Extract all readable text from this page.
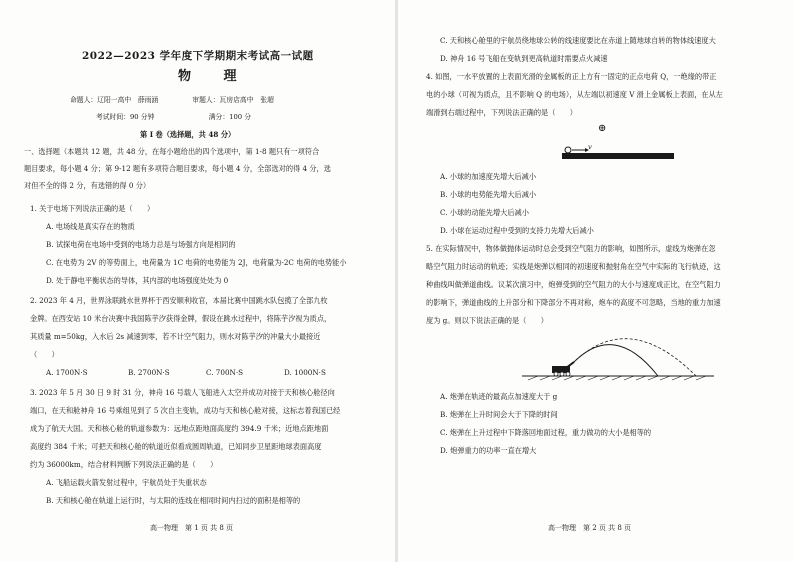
2022—2023 学年度下学期期末考试高一试题
物 理
命题人：辽阳一高中　薛雨涵　　　　　审题人：瓦房店高中　张超
考试时间：90 分钟　　　　　　　　满分：100 分
第 I 卷（选择题，共 48 分）
一、选择题（本题共 12 题，共 48 分，在每小题给出的四个选项中，第 1-8 题只有一项符合
题目要求，每小题 4 分；第 9-12 题有多项符合题目要求，每小题 4 分，全部选对的得 4 分，选
对但不全的得 2 分，有选错的得 0 分）
1. 关于电场下列说法正确的是（　　）
A. 电场线是真实存在的物质
B. 试探电荷在电场中受到的电场力总是与场强方向是相同的
C. 在电势为 2V 的等势面上，电荷量为 1C 电荷的电势能为 2J，电荷量为-2C 电荷的电势能小
D. 处于静电平衡状态的导体，其内部的电场强度处处为 0
2. 2023 年 4 月，世界泳联跳水世界杯于西安顺利收官，本届比赛中国跳水队包揽了全部九枚
金牌。在西安站 10 米台决赛中我国陈芋汐获得金牌，假设在跳水过程中，将陈芋汐视为质点，
其质量 m=50kg，入水后 2s 减速到零，若不计空气阻力，则水对陈芋汐的冲量大小最接近
（　　）
A. 1700N·S	B. 2700N·S	C. 700N·S	D. 1000N·S
3. 2023 年 5 月 30 日 9 时 31 分，神舟 16 号载人飞船进入太空并成功对接于天和核心舱径向
端口，在天和舱神舟 16 号乘组见到了 5 次自主变轨，成功与天和核心舱对接，这标志着我国已经
成为了航天大国。天和核心舱的轨道参数为：远地点距地面高度约 394.9 千米；近地点距地面
高度约 384 千米；可把天和核心舱的轨道近似看成圆周轨道，已知同步卫星距地球表面高度
约为 36000km，结合材料判断下列说法正确的是（　　）
A. 飞船运载火箭发射过程中，宇航员处于失重状态
B. 天和核心舱在轨道上运行时，与太阳的连线在相同时间内扫过的面积是相等的
高一物理　第 1 页 共 8 页
C. 天和核心舱里的宇航员绕地球公转的线速度要比在赤道上随地球自转的物体线速度大
D. 神舟 16 号飞船在变轨到更高轨道时需要点火减速
4. 如图，一水平放置的上表面光滑的金属板的正上方有一固定的正点电荷 Q，一绝缘的带正
电的小球（可视为质点，且不影响 Q 的电场），从左端以初速度 V 滑上金属板上表面，在从左
端滑到右端过程中，下列说法正确的是（　　）
⊕
v
A. 小球的加速度先增大后减小
B. 小球的电势能先增大后减小
C. 小球的动能先增大后减小
D. 小球在运动过程中受到的支持力先增大后减小
5. 在实际情况中，物体做抛体运动时总会受到空气阻力的影响，如图所示，虚线为炮弹在忽
略空气阻力时运动的轨迹；实线是炮弹以相同的初速度和抛射角在空气中实际的飞行轨迹，这
种曲线叫做弹道曲线。议某次演习中，炮弹受到的空气阻力的大小与速度成正比，在空气阻力
的影响下，弹道曲线的上升部分和下降部分不再对称，炮车的高度不可忽略，当地的重力加速
度为 g。则以下说法正确的是（　　）
A. 炮弹在轨迹的最高点加速度大于 g
B. 炮弹在上升时间会大于下降的时间
C. 炮弹在上升过程中下降落回地面过程，重力做功的大小是相等的
D. 炮弹重力的功率一直在增大
高一物理　第 2 页 共 8 页
